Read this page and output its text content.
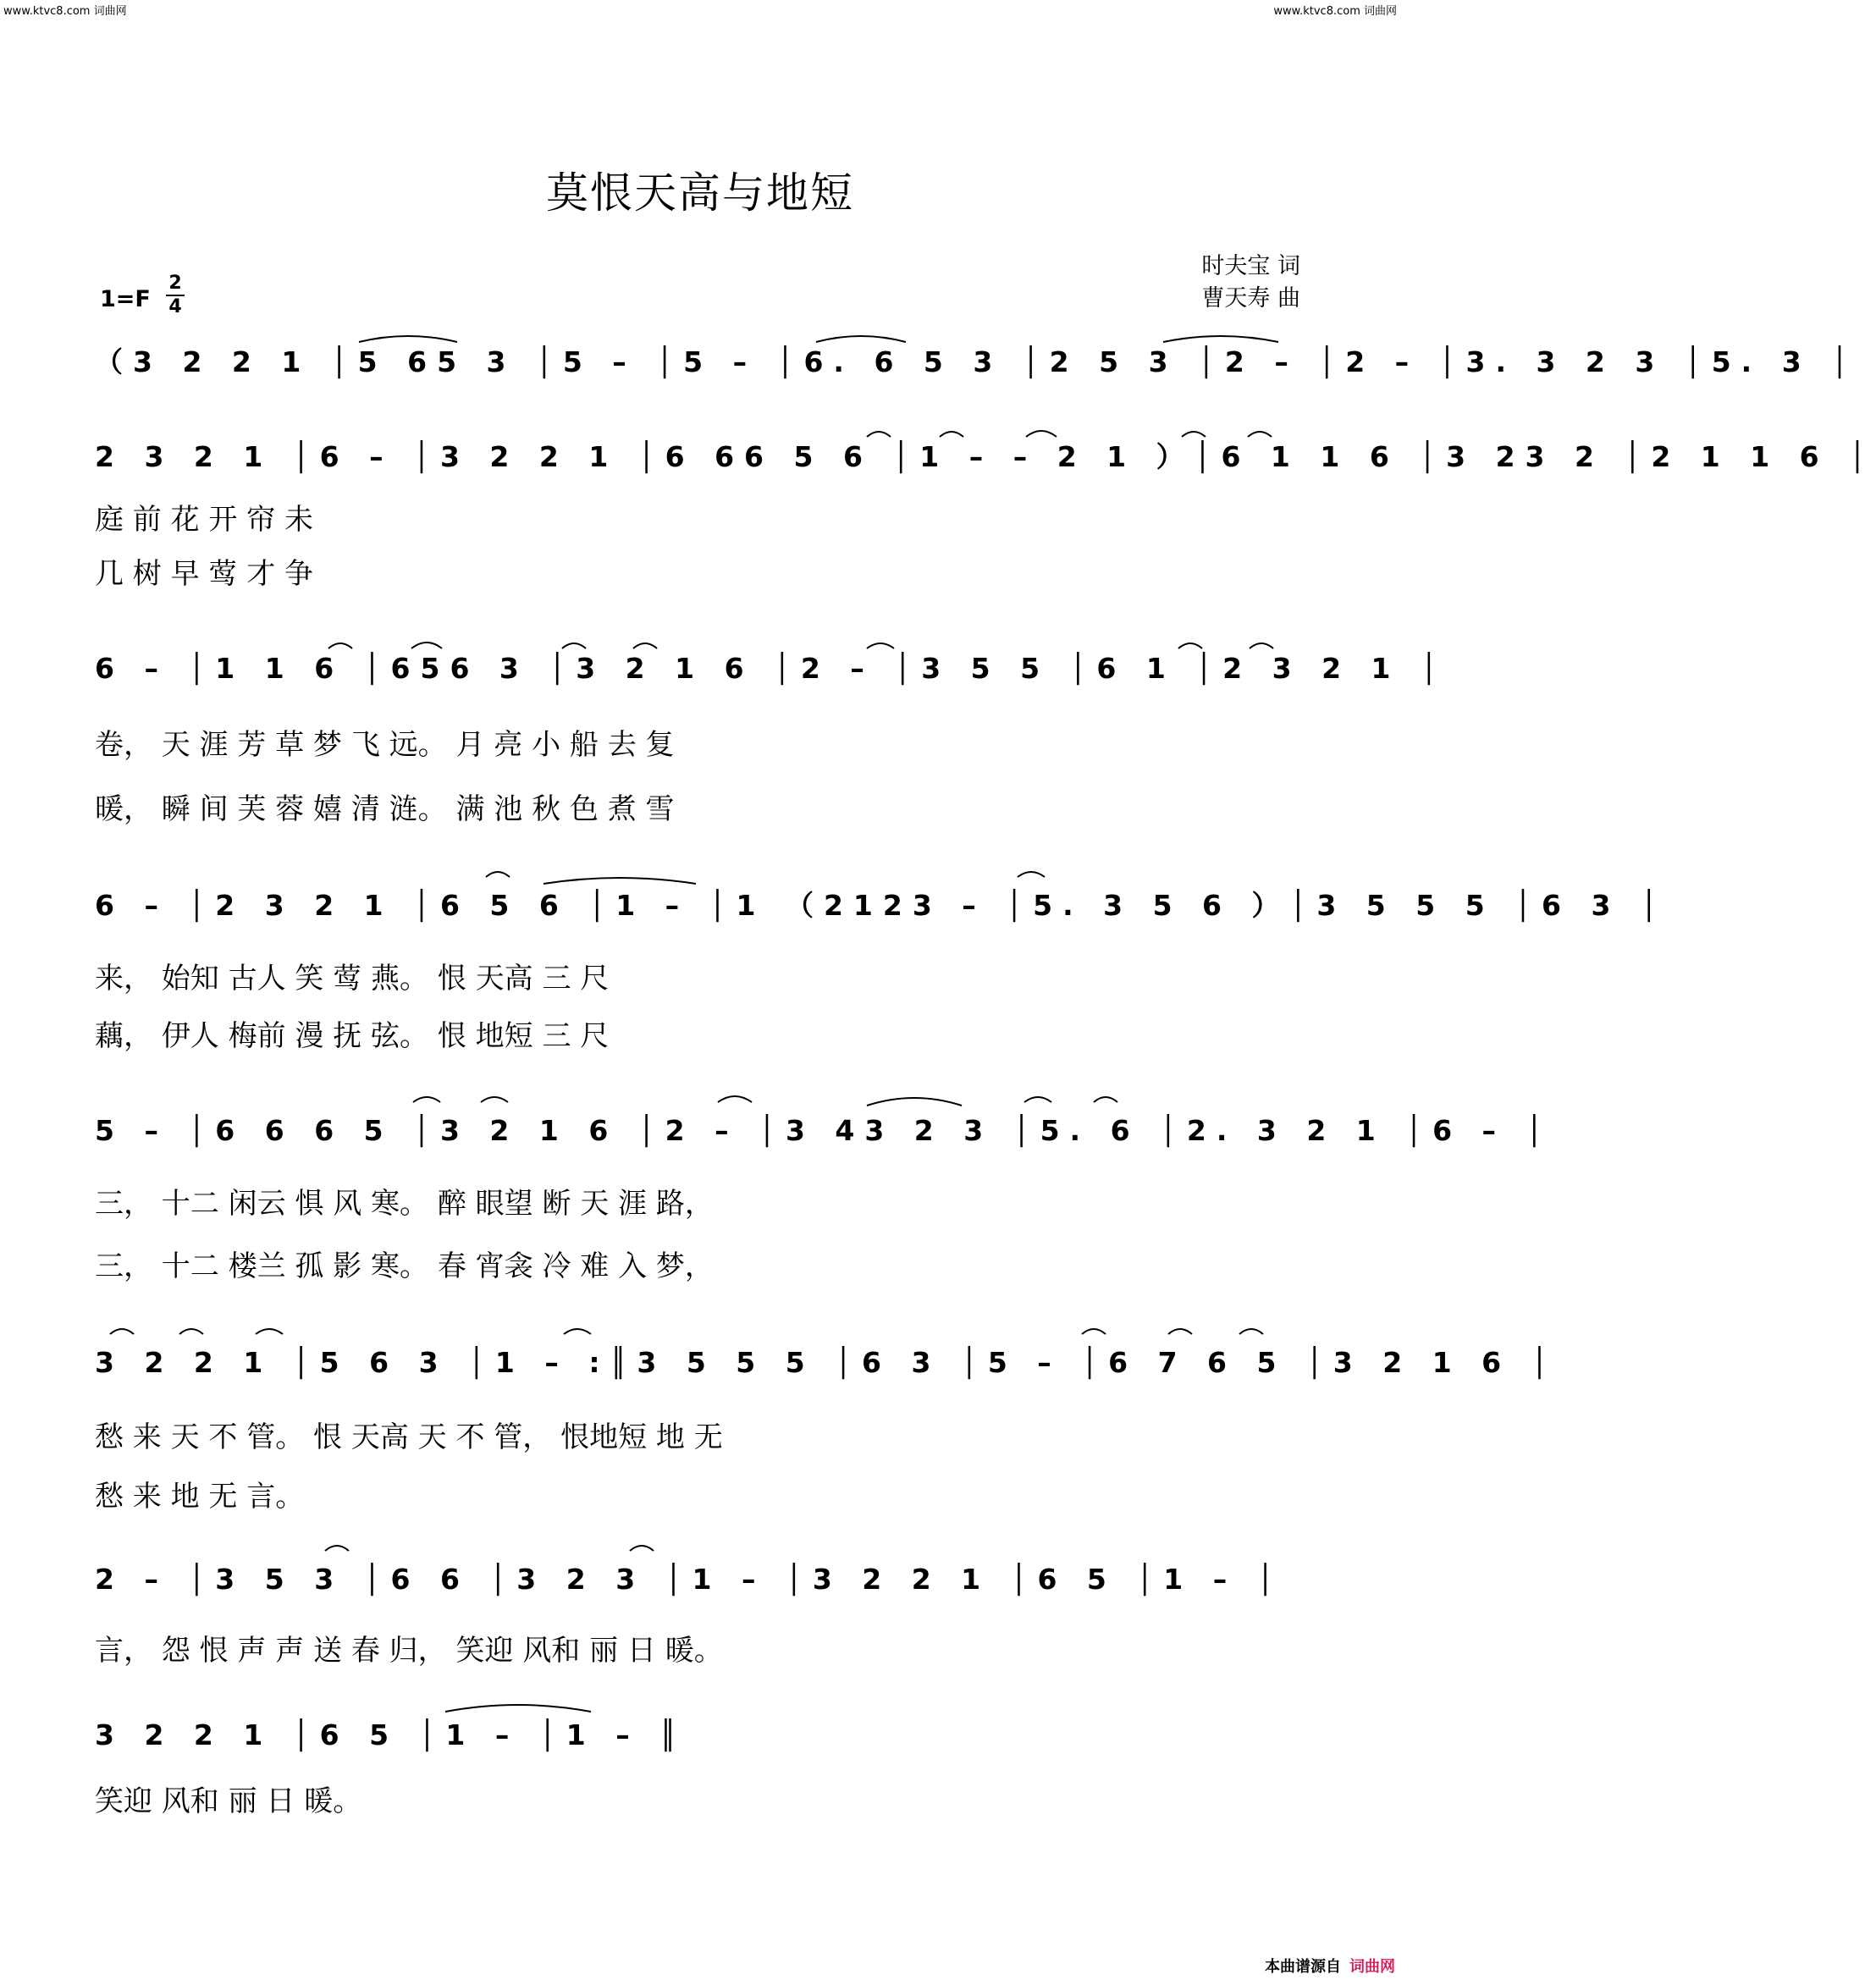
www.ktvc8.com 词曲网	www.ktvc8.com 词曲网
莫恨天高与地短
时夫宝 词
曹天寿 曲
1=F
2
4
（3 2 2 1 │5 65 3 │5 – │5 – │6. 6 5 3 │2 5 3 │2 – │2 – │3. 3 2 3 │5. 3 │
2 3 2 1 │6 – │3 2 2 1 │6 66 5 6 │1 – – 2 1 ）│6 1 1 6 │3 23 2 │2 1 1 6 │
庭 前 花 开 帘 未
几 树 早 莺 才 争
6 – │1 1 6 │656 3 │3 2 1 6 │2 – │3 5 5 │6 1 │2 3 2 1 │
卷， 天 涯 芳 草 梦 飞 远。 月 亮 小 船 去 复
暖， 瞬 间 芙 蓉 嬉 清 涟。 满 池 秋 色 煮 雪
6 – │2 3 2 1 │6 5 6 │1 – │1 （2123 – │5. 3 5 6 ）│3 5 5 5 │6 3 │
来， 始知 古人 笑 莺 燕。 恨 天高 三 尺
藕， 伊人 梅前 漫 抚 弦。 恨 地短 三 尺
5 – │6 6 6 5 │3 2 1 6 │2 – │3 43 2 3 │5. 6 │2. 3 2 1 │6 – │
三， 十二 闲云 惧 风 寒。 醉 眼望 断 天 涯 路，
三， 十二 楼兰 孤 影 寒。 春 宵衾 冷 难 入 梦，
3 2 2 1 │5 6 3 │1 – :║3 5 5 5 │6 3 │5 – │6 7 6 5 │3 2 1 6 │
愁 来 天 不 管。 恨 天高 天 不 管， 恨地短 地 无
愁 来 地 无 言。
2 – │3 5 3 │6 6 │3 2 3 │1 – │3 2 2 1 │6 5 │1 – │
言， 怨 恨 声 声 送 春 归， 笑迎 风和 丽 日 暖。
3 2 2 1 │6 5 │1 – │1 – ║
笑迎 风和 丽 日 暖。
本曲谱源自 词曲网
